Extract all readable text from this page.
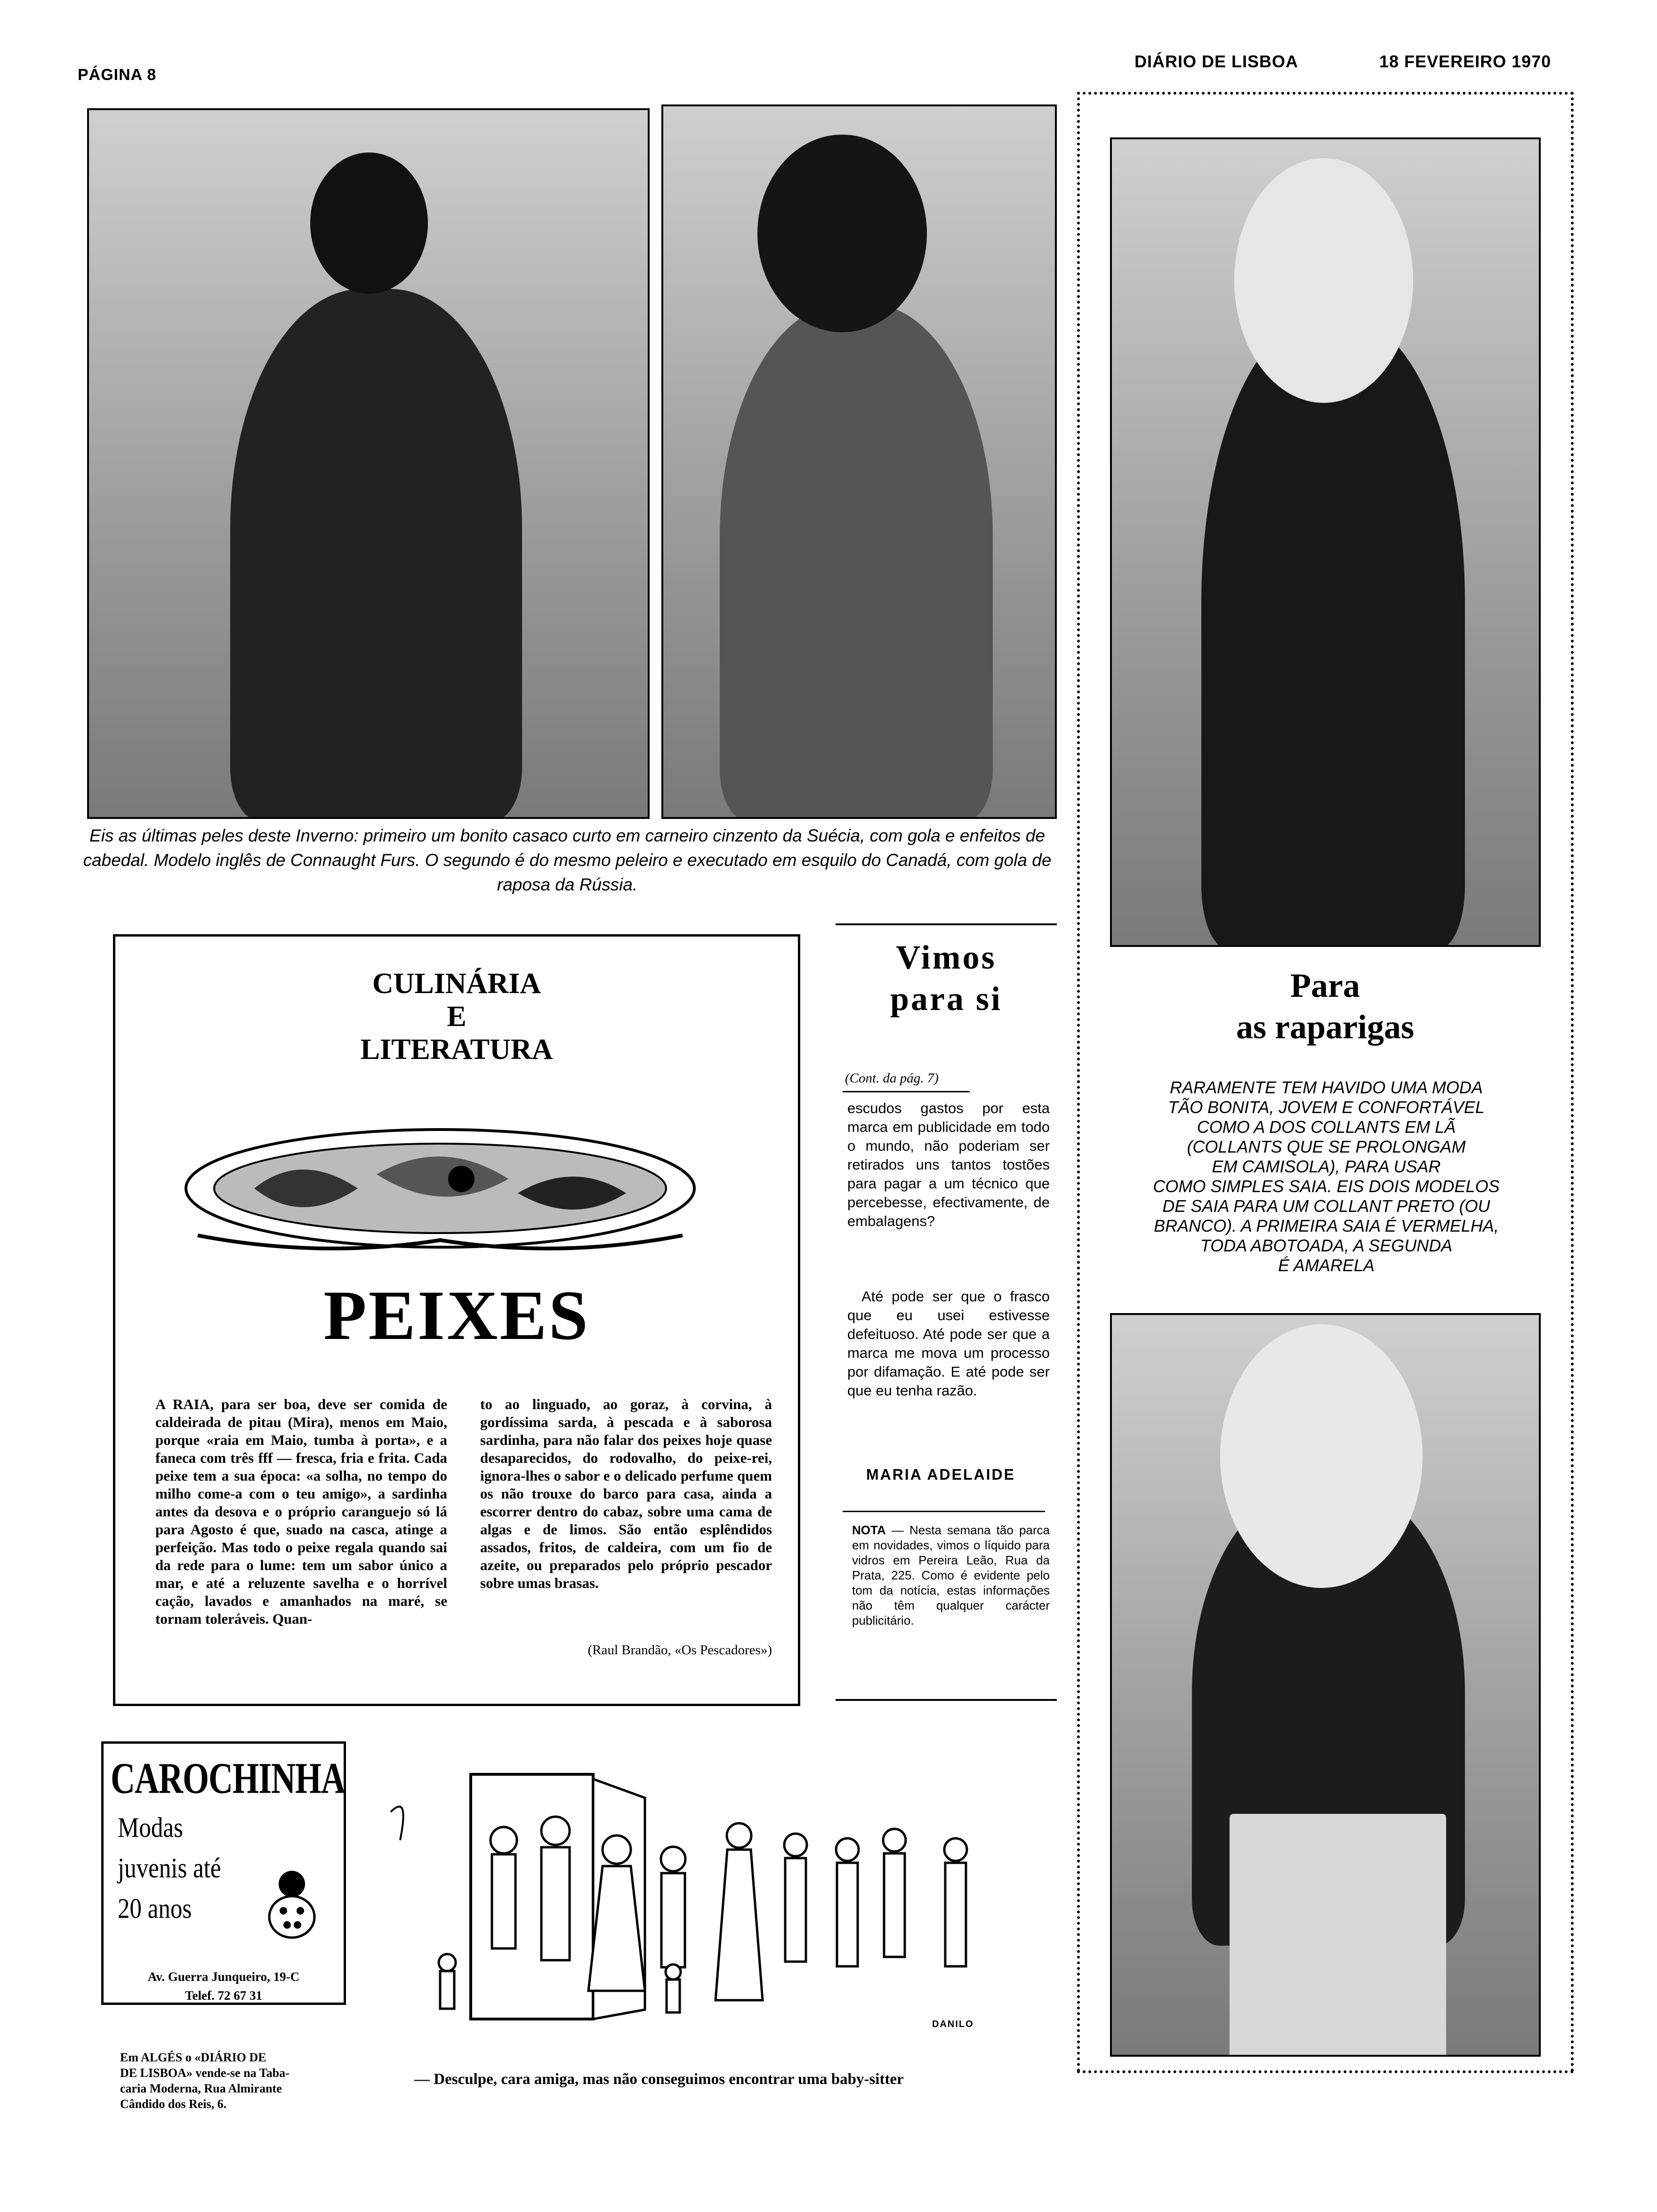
PÁGINA 8
DIÁRIO DE LISBOA	18 FEVEREIRO 1970
Eis as últimas peles deste Inverno: primeiro um bonito casaco curto em carneiro cinzento da Suécia, com gola e enfeitos de cabedal. Modelo inglês de Connaught Furs. O segundo é do mesmo peleiro e executado em esquilo do Canadá, com gola de raposa da Rússia.
Para
as raparigas
RARAMENTE TEM HAVIDO UMA MODA
TÃO BONITA, JOVEM E CONFORTÁVEL
COMO A DOS COLLANTS EM LÃ
(COLLANTS QUE SE PROLONGAM
EM CAMISOLA), PARA USAR
COMO SIMPLES SAIA. EIS DOIS MODELOS
DE SAIA PARA UM COLLANT PRETO (OU
BRANCO). A PRIMEIRA SAIA É VERMELHA,
TODA ABOTOADA, A SEGUNDA
É AMARELA
CULINÁRIA
E
LITERATURA
PEIXES
A RAIA, para ser boa, deve ser comida de caldeirada de pitau (Mira), menos em Maio, porque «raia em Maio, tumba à porta», e a faneca com três fff — fresca, fria e frita. Cada peixe tem a sua época: «a solha, no tempo do milho come-a com o teu amigo», a sardinha antes da desova e o próprio caranguejo só lá para Agosto é que, suado na casca, atinge a perfeição. Mas todo o peixe regala quando sai da rede para o lume: tem um sabor único a mar, e até a reluzente savelha e o horrível cação, lavados e amanhados na maré, se tornam toleráveis. Quan-
to ao linguado, ao goraz, à corvina, à gordíssima sarda, à pescada e à saborosa sardinha, para não falar dos peixes hoje quase desaparecidos, do rodovalho, do peixe-rei, ignora-lhes o sabor e o delicado perfume quem os não trouxe do barco para casa, ainda a escorrer dentro do cabaz, sobre uma cama de algas e de limos. São então esplêndidos assados, fritos, de caldeira, com um fio de azeite, ou preparados pelo próprio pescador sobre umas brasas.
(Raul Brandão, «Os Pescadores»)
Vimos
para si
(Cont. da pág. 7)
escudos gastos por esta marca em publicidade em todo o mundo, não poderiam ser retirados uns tantos tostões para pagar a um técnico que percebesse, efectivamente, de embalagens?
Até pode ser que o frasco que eu usei estivesse defeituoso. Até pode ser que a marca me mova um processo por difamação. E até pode ser que eu tenha razão.
MARIA ADELAIDE
NOTA — Nesta semana tão parca em novidades, vimos o líquido para vidros em Pereira Leão, Rua da Prata, 225. Como é evidente pelo tom da notícia, estas informações não têm qualquer carácter publicitário.
CAROCHINHA
Modas
juvenis até
20 anos
Av. Guerra Junqueiro, 19-C
Telef. 72 67 31
Em ALGÉS o «DIÁRIO DE
DE LISBOA» vende-se na Taba-
caria Moderna, Rua Almirante
Cândido dos Reis, 6.
DANILO
— Desculpe, cara amiga, mas não conseguimos encontrar uma baby-sitter
